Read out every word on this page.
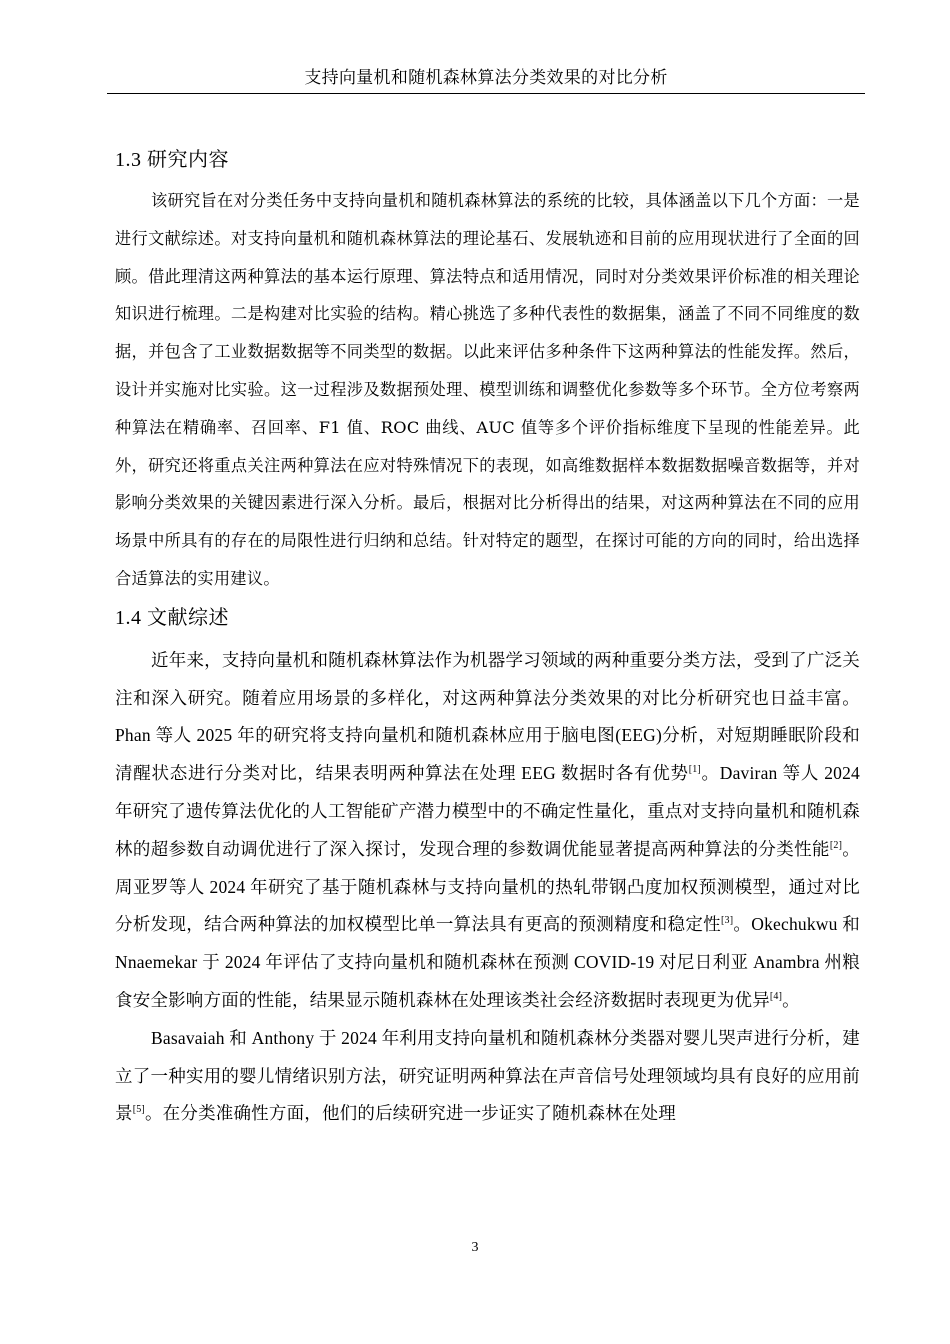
支持向量机和随机森林算法分类效果的对比分析
1.3 研究内容

该研究旨在对分类任务中支持向量机和随机森林算法的系统的比较，具体涵盖以下几个方面：一是进行文献综述。对支持向量机和随机森林算法的理论基石、发展轨迹和目前的应用现状进行了全面的回顾。借此理清这两种算法的基本运行原理、算法特点和适用情况，同时对分类效果评价标准的相关理论知识进行梳理。二是构建对比实验的结构。精心挑选了多种代表性的数据集，涵盖了不同不同维度的数据，并包含了工业数据数据等不同类型的数据。以此来评估多种条件下这两种算法的性能发挥。然后，设计并实施对比实验。这一过程涉及数据预处理、模型训练和调整优化参数等多个环节。全方位考察两种算法在精确率、召回率、F1 值、ROC 曲线、AUC 值等多个评价指标维度下呈现的性能差异。此外，研究还将重点关注两种算法在应对特殊情况下的表现，如高维数据样本数据数据噪音数据等，并对影响分类效果的关键因素进行深入分析。最后，根据对比分析得出的结果，对这两种算法在不同的应用场景中所具有的存在的局限性进行归纳和总结。针对特定的题型，在探讨可能的方向的同时，给出选择合适算法的实用建议。

1.4 文献综述

近年来，支持向量机和随机森林算法作为机器学习领域的两种重要分类方法，受到了广泛关注和深入研究。随着应用场景的多样化，对这两种算法分类效果的对比分析研究也日益丰富。Phan 等人 2025 年的研究将支持向量机和随机森林应用于脑电图(EEG)分析，对短期睡眠阶段和清醒状态进行分类对比，结果表明两种算法在处理 EEG 数据时各有优势[1]。Daviran 等人 2024 年研究了遗传算法优化的人工智能矿产潜力模型中的不确定性量化，重点对支持向量机和随机森林的超参数自动调优进行了深入探讨，发现合理的参数调优能显著提高两种算法的分类性能[2]。周亚罗等人 2024 年研究了基于随机森林与支持向量机的热轧带钢凸度加权预测模型，通过对比分析发现，结合两种算法的加权模型比单一算法具有更高的预测精度和稳定性[3]。Okechukwu 和 Nnaemekar 于 2024 年评估了支持向量机和随机森林在预测 COVID-19 对尼日利亚 Anambra 州粮食安全影响方面的性能，结果显示随机森林在处理该类社会经济数据时表现更为优异[4]。

Basavaiah 和 Anthony 于 2024 年利用支持向量机和随机森林分类器对婴儿哭声进行分析，建立了一种实用的婴儿情绪识别方法，研究证明两种算法在声音信号处理领域均具有良好的应用前景[5]。在分类准确性方面，他们的后续研究进一步证实了随机森林在处理

3
